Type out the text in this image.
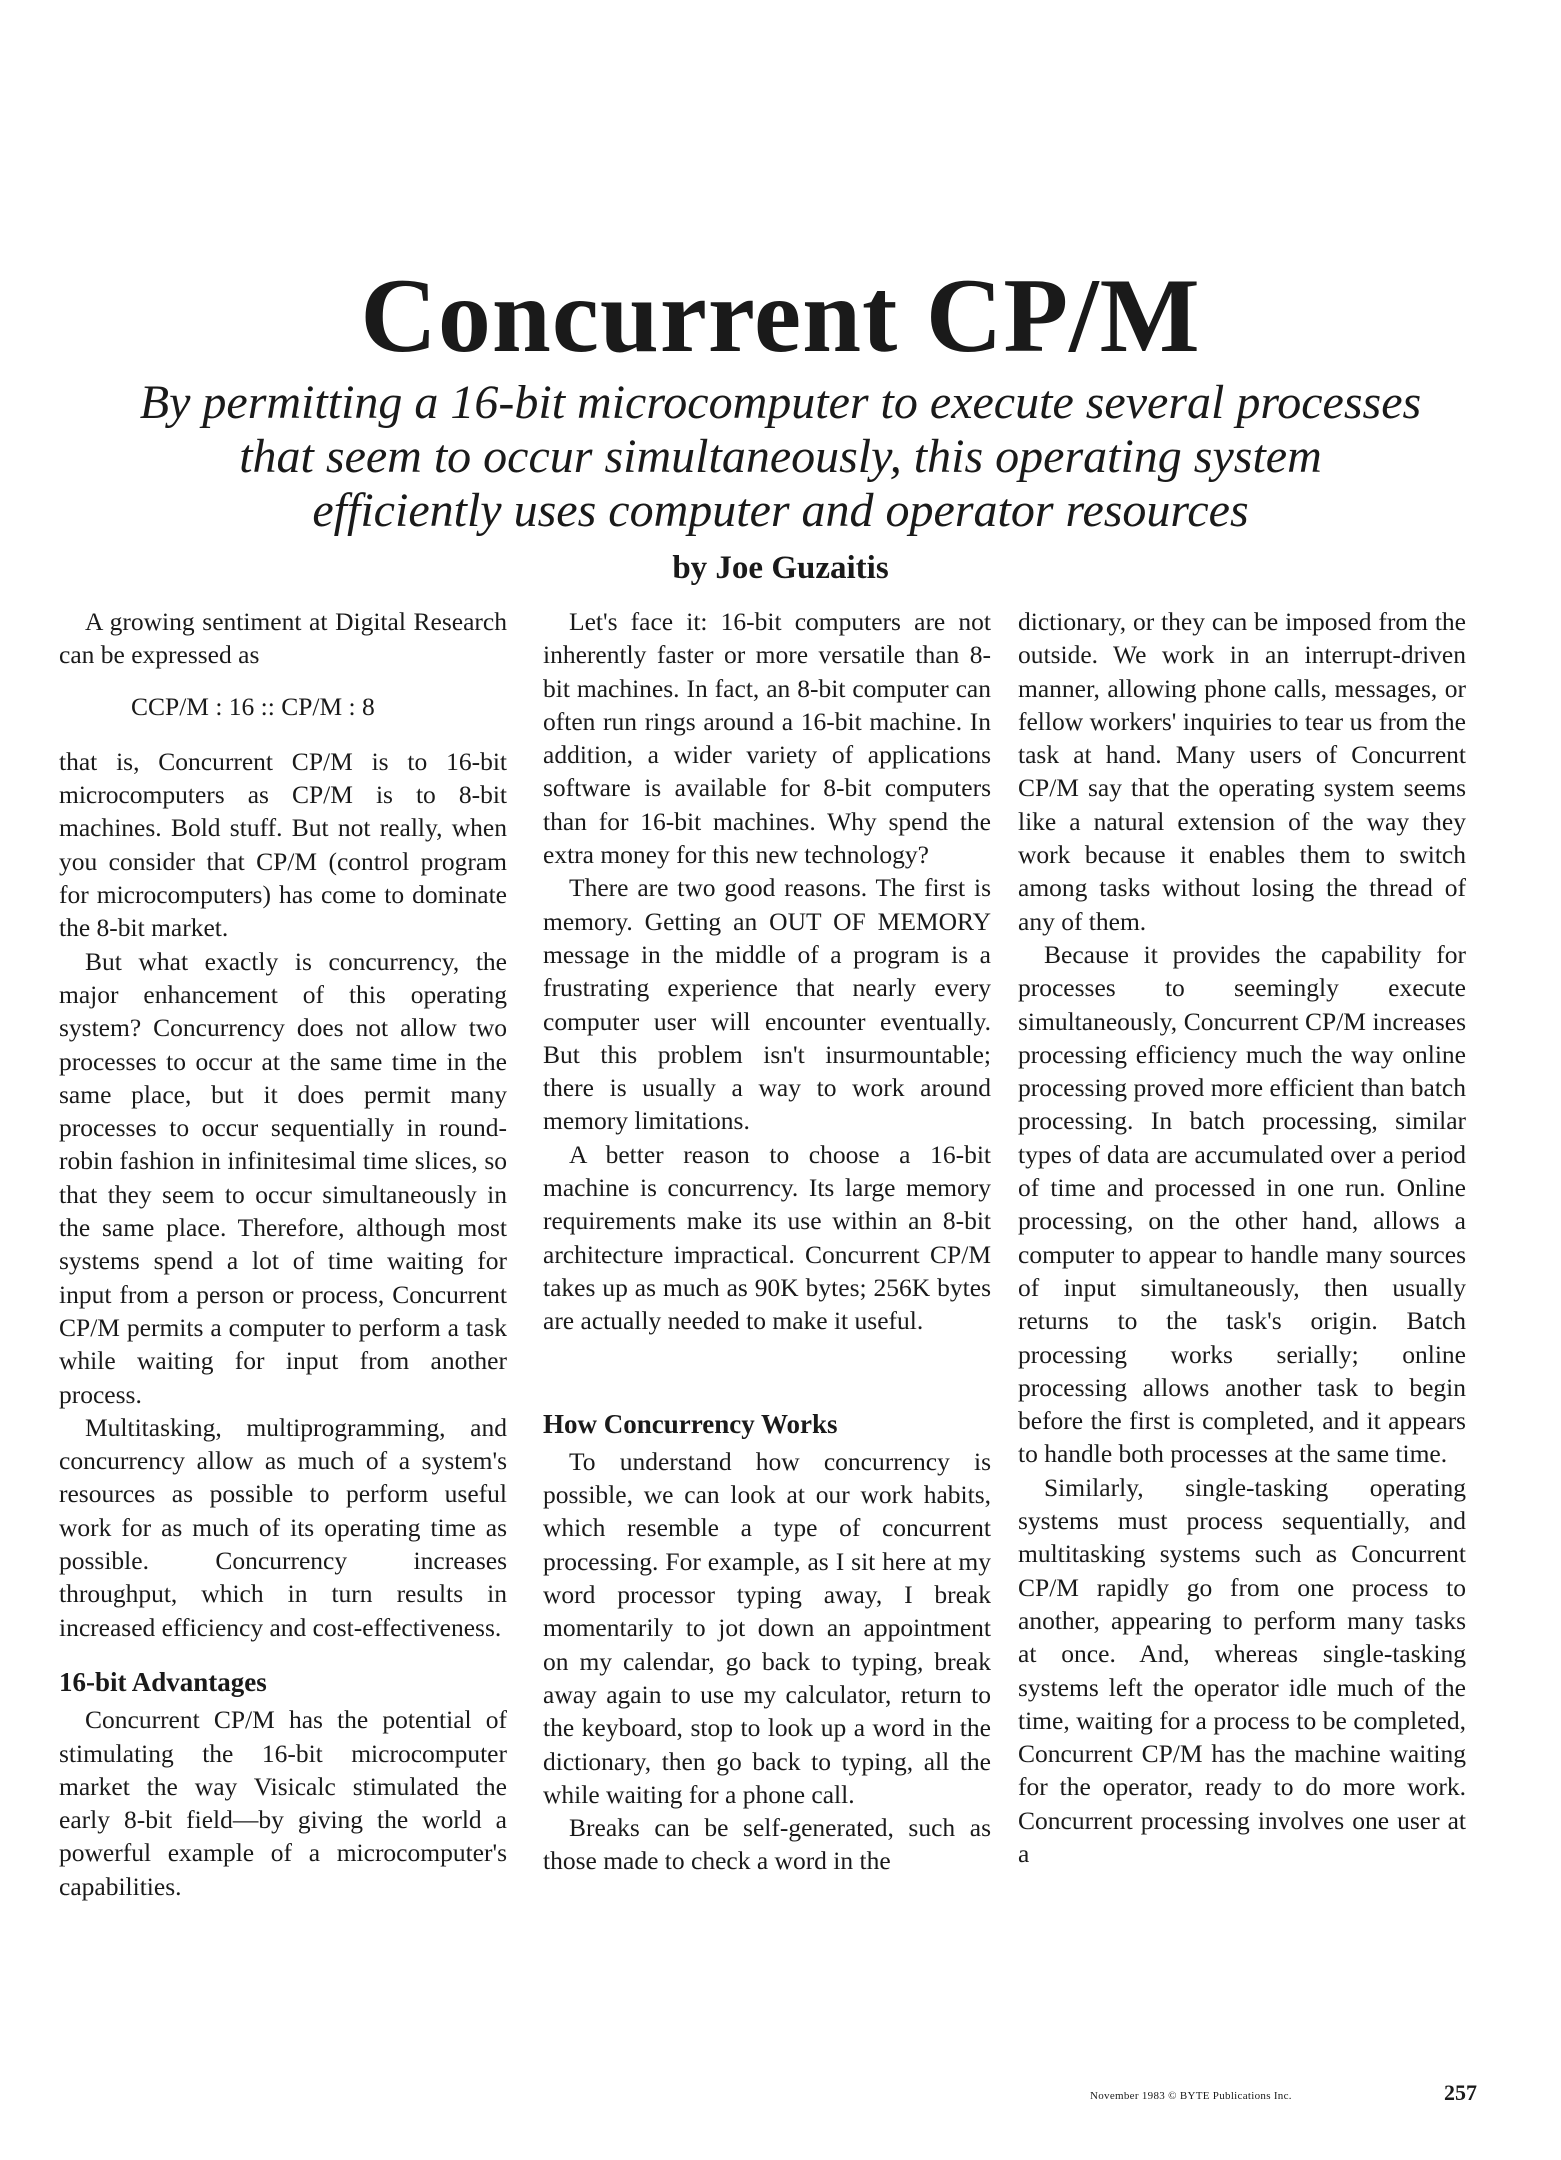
Concurrent CP/M
By permitting a 16-bit microcomputer to execute several processes
that seem to occur simultaneously, this operating system
efficiently uses computer and operator resources
by Joe Guzaitis

A growing sentiment at Digital Research can be expressed as

CCP/M : 16 :: CP/M : 8

that is, Concurrent CP/M is to 16-bit microcomputers as CP/M is to 8-bit machines. Bold stuff. But not really, when you consider that CP/M (control program for microcomputers) has come to dominate the 8-bit market.

But what exactly is concurrency, the major enhancement of this operating system? Concurrency does not allow two processes to occur at the same time in the same place, but it does permit many processes to occur sequentially in round-robin fashion in infinitesimal time slices, so that they seem to occur simultaneously in the same place. Therefore, although most systems spend a lot of time waiting for input from a person or process, Concurrent CP/M permits a computer to perform a task while waiting for input from another process.

Multitasking, multiprogramming, and concurrency allow as much of a system's resources as possible to perform useful work for as much of its operating time as possible. Concurrency increases throughput, which in turn results in increased efficiency and cost-effectiveness.

16-bit Advantages

Concurrent CP/M has the potential of stimulating the 16-bit microcomputer market the way Visicalc stimulated the early 8-bit field—by giving the world a powerful example of a microcomputer's capabilities.

Let's face it: 16-bit computers are not inherently faster or more versatile than 8-bit machines. In fact, an 8-bit computer can often run rings around a 16-bit machine. In addition, a wider variety of applications software is available for 8-bit computers than for 16-bit machines. Why spend the extra money for this new technology?

There are two good reasons. The first is memory. Getting an OUT OF MEMORY message in the middle of a program is a frustrating experience that nearly every computer user will encounter eventually. But this problem isn't insurmountable; there is usually a way to work around memory limitations.

A better reason to choose a 16-bit machine is concurrency. Its large memory requirements make its use within an 8-bit architecture impractical. Concurrent CP/M takes up as much as 90K bytes; 256K bytes are actually needed to make it useful.

How Concurrency Works

To understand how concurrency is possible, we can look at our work habits, which resemble a type of concurrent processing. For example, as I sit here at my word processor typing away, I break momentarily to jot down an appointment on my calendar, go back to typing, break away again to use my calculator, return to the keyboard, stop to look up a word in the dictionary, then go back to typing, all the while waiting for a phone call.

Breaks can be self-generated, such as those made to check a word in the

dictionary, or they can be imposed from the outside. We work in an interrupt-driven manner, allowing phone calls, messages, or fellow workers' inquiries to tear us from the task at hand. Many users of Concurrent CP/M say that the operating system seems like a natural extension of the way they work because it enables them to switch among tasks without losing the thread of any of them.

Because it provides the capability for processes to seemingly execute simultaneously, Concurrent CP/M increases processing efficiency much the way online processing proved more efficient than batch processing. In batch processing, similar types of data are accumulated over a period of time and processed in one run. Online processing, on the other hand, allows a computer to appear to handle many sources of input simultaneously, then usually returns to the task's origin. Batch processing works serially; online processing allows another task to begin before the first is completed, and it appears to handle both processes at the same time.

Similarly, single-tasking operating systems must process sequentially, and multitasking systems such as Concurrent CP/M rapidly go from one process to another, appearing to perform many tasks at once. And, whereas single-tasking systems left the operator idle much of the time, waiting for a process to be completed, Concurrent CP/M has the machine waiting for the operator, ready to do more work. Concurrent processing involves one user at a

November 1983 © BYTE Publications Inc.	257
